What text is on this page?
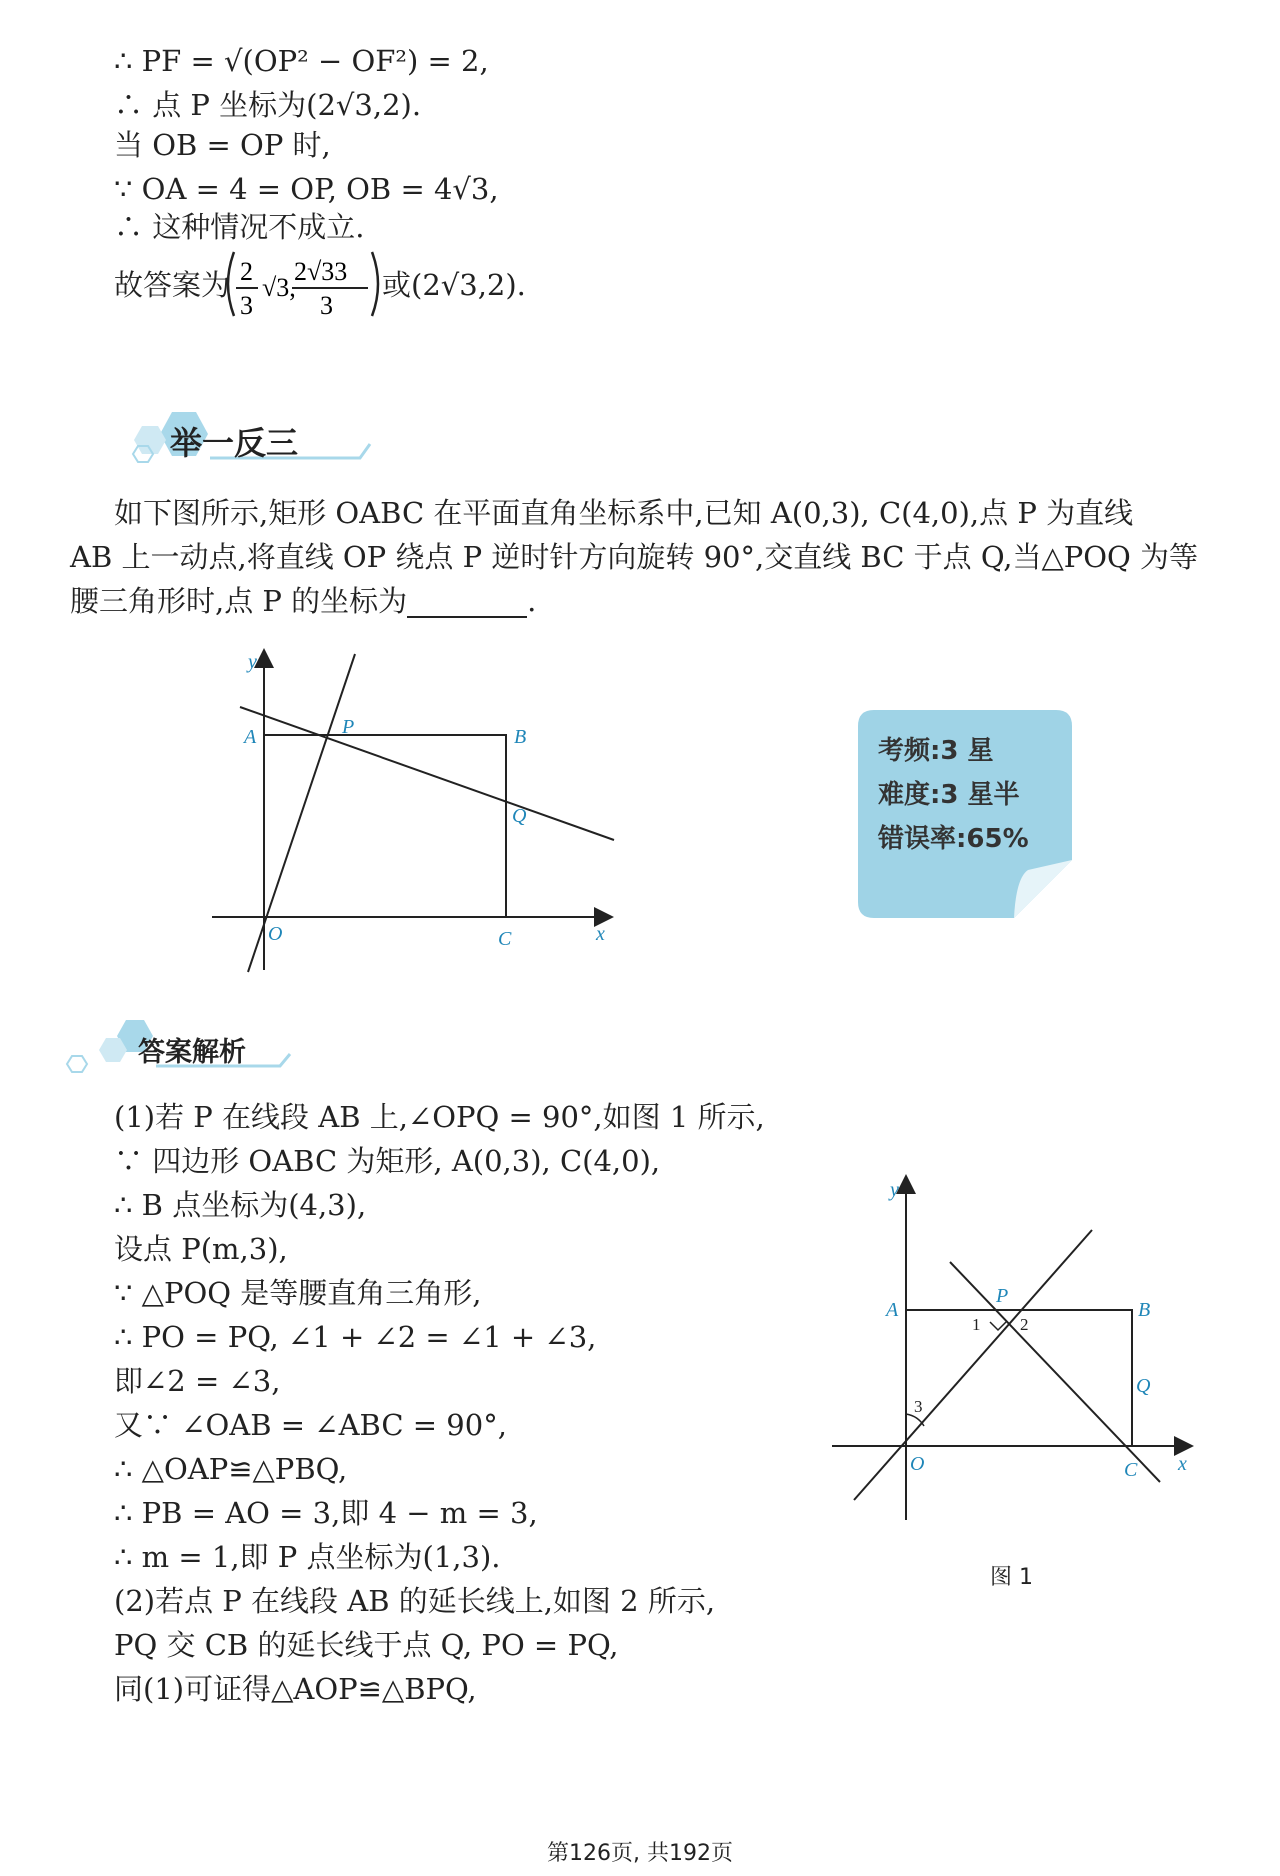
∴ PF = √(OP² − OF²) = 2,
∴ 点 P 坐标为(2√3,2).
当 OB = OP 时,
∵ OA = 4 = OP, OB = 4√3,
∴ 这种情况不成立.
故答案为 2
3
√3,
2√33
3
或(2√3,2).
举一反三
如下图所示,矩形 OABC 在平面直角坐标系中,已知 A(0,3), C(4,0),点 P 为直线
AB 上一动点,将直线 OP 绕点 P 逆时针方向旋转 90°,交直线 BC 于点 Q,当△POQ 为等
腰三角形时,点 P 的坐标为	.
y
x
A	B
P
Q
O	C
考频:3 星
难度:3 星半
错误率:65%
答案解析
(1)若 P 在线段 AB 上,∠OPQ = 90°,如图 1 所示,
∵ 四边形 OABC 为矩形, A(0,3), C(4,0),
∴ B 点坐标为(4,3),
设点 P(m,3),
∵ △POQ 是等腰直角三角形,
∴ PO = PQ, ∠1 + ∠2 = ∠1 + ∠3,
即∠2 = ∠3,
又∵ ∠OAB = ∠ABC = 90°,
∴ △OAP≌△PBQ,
∴ PB = AO = 3,即 4 − m = 3,
∴ m = 1,即 P 点坐标为(1,3).
(2)若点 P 在线段 AB 的延长线上,如图 2 所示,
PQ 交 CB 的延长线于点 Q, PO = PQ,
同(1)可证得△AOP≌△BPQ,
y
x
A	B
P
Q
O	C
1 2
3
图 1
第126页, 共192页
